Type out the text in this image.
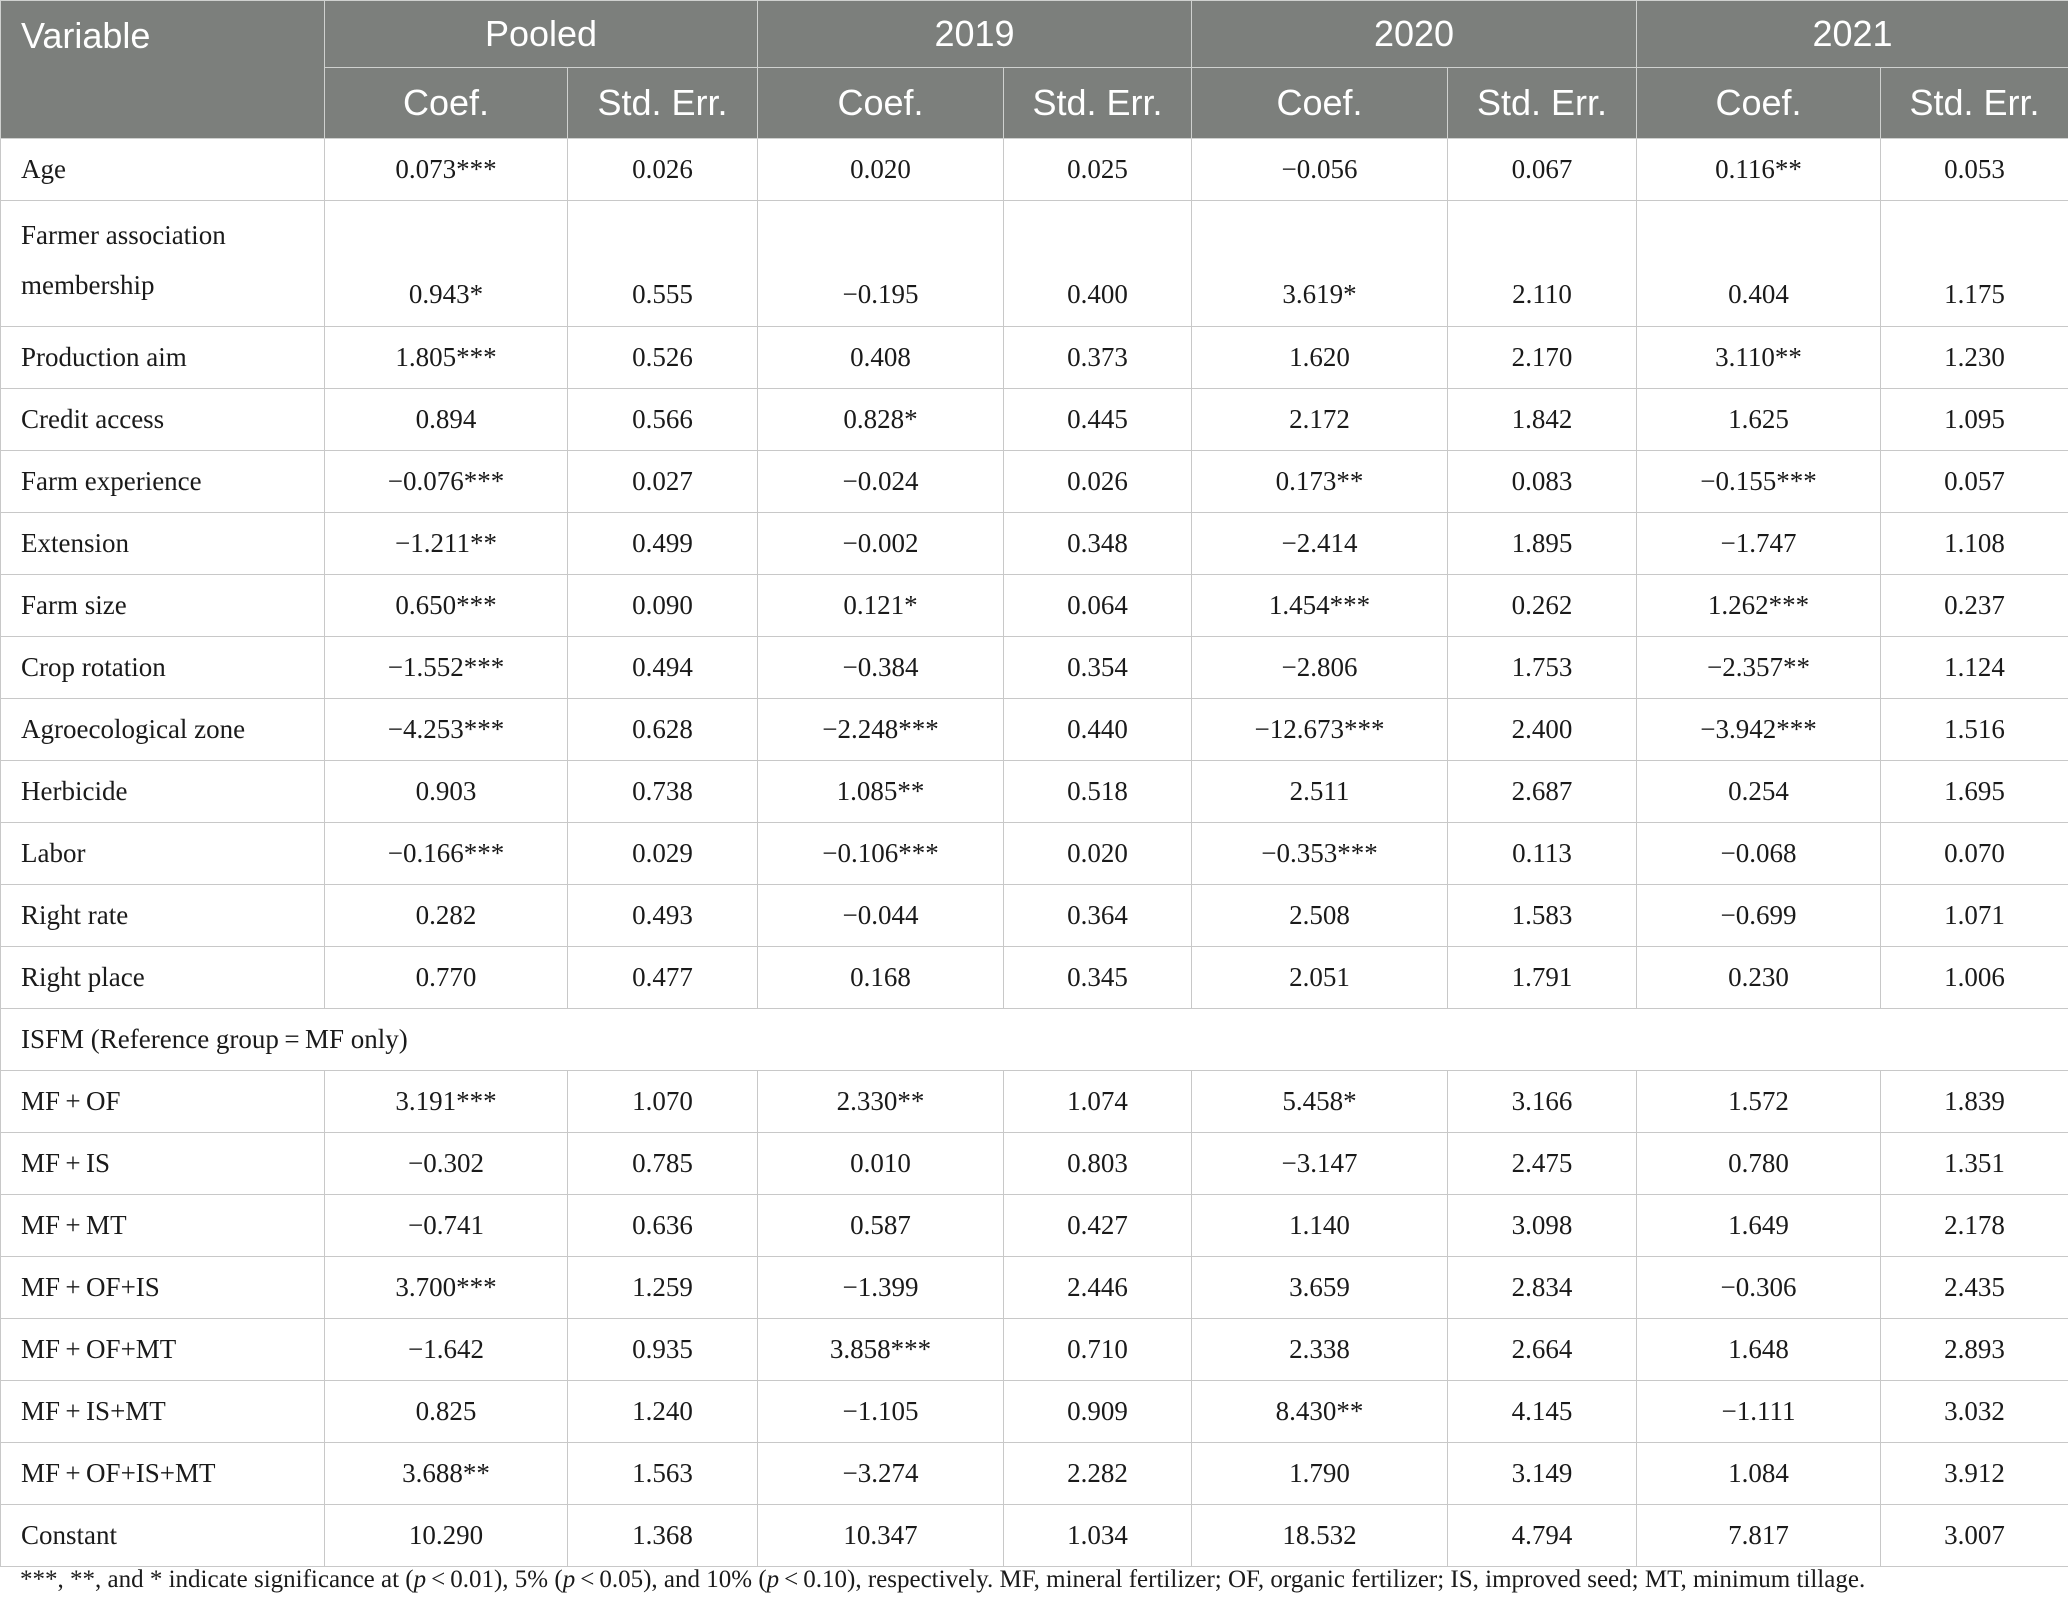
Variable	Pooled		2019		2020		2021	
	Coef.	Std. Err.	Coef.	Std. Err.	Coef.	Std. Err.	Coef.	Std. Err.
Age	0.073***	0.026	0.020	0.025	−0.056	0.067	0.116**	0.053
Farmer association
membership	0.943*	0.555	−0.195	0.400	3.619*	2.110	0.404	1.175
Production aim	1.805***	0.526	0.408	0.373	1.620	2.170	3.110**	1.230
Credit access	0.894	0.566	0.828*	0.445	2.172	1.842	1.625	1.095
Farm experience	−0.076***	0.027	−0.024	0.026	0.173**	0.083	−0.155***	0.057
Extension	−1.211**	0.499	−0.002	0.348	−2.414	1.895	−1.747	1.108
Farm size	0.650***	0.090	0.121*	0.064	1.454***	0.262	1.262***	0.237
Crop rotation	−1.552***	0.494	−0.384	0.354	−2.806	1.753	−2.357**	1.124
Agroecological zone	−4.253***	0.628	−2.248***	0.440	−12.673***	2.400	−3.942***	1.516
Herbicide	0.903	0.738	1.085**	0.518	2.511	2.687	0.254	1.695
Labor	−0.166***	0.029	−0.106***	0.020	−0.353***	0.113	−0.068	0.070
Right rate	0.282	0.493	−0.044	0.364	2.508	1.583	−0.699	1.071
Right place	0.770	0.477	0.168	0.345	2.051	1.791	0.230	1.006
ISFM (Reference group = MF only)								
MF + OF	3.191***	1.070	2.330**	1.074	5.458*	3.166	1.572	1.839
MF + IS	−0.302	0.785	0.010	0.803	−3.147	2.475	0.780	1.351
MF + MT	−0.741	0.636	0.587	0.427	1.140	3.098	1.649	2.178
MF + OF+IS	3.700***	1.259	−1.399	2.446	3.659	2.834	−0.306	2.435
MF + OF+MT	−1.642	0.935	3.858***	0.710	2.338	2.664	1.648	2.893
MF + IS+MT	0.825	1.240	−1.105	0.909	8.430**	4.145	−1.111	3.032
MF + OF+IS+MT	3.688**	1.563	−3.274	2.282	1.790	3.149	1.084	3.912
Constant	10.290	1.368	10.347	1.034	18.532	4.794	7.817	3.007
***, **, and * indicate significance at (p < 0.01), 5% (p < 0.05), and 10% (p < 0.10), respectively. MF, mineral fertilizer; OF, organic fertilizer; IS, improved seed; MT, minimum tillage.
